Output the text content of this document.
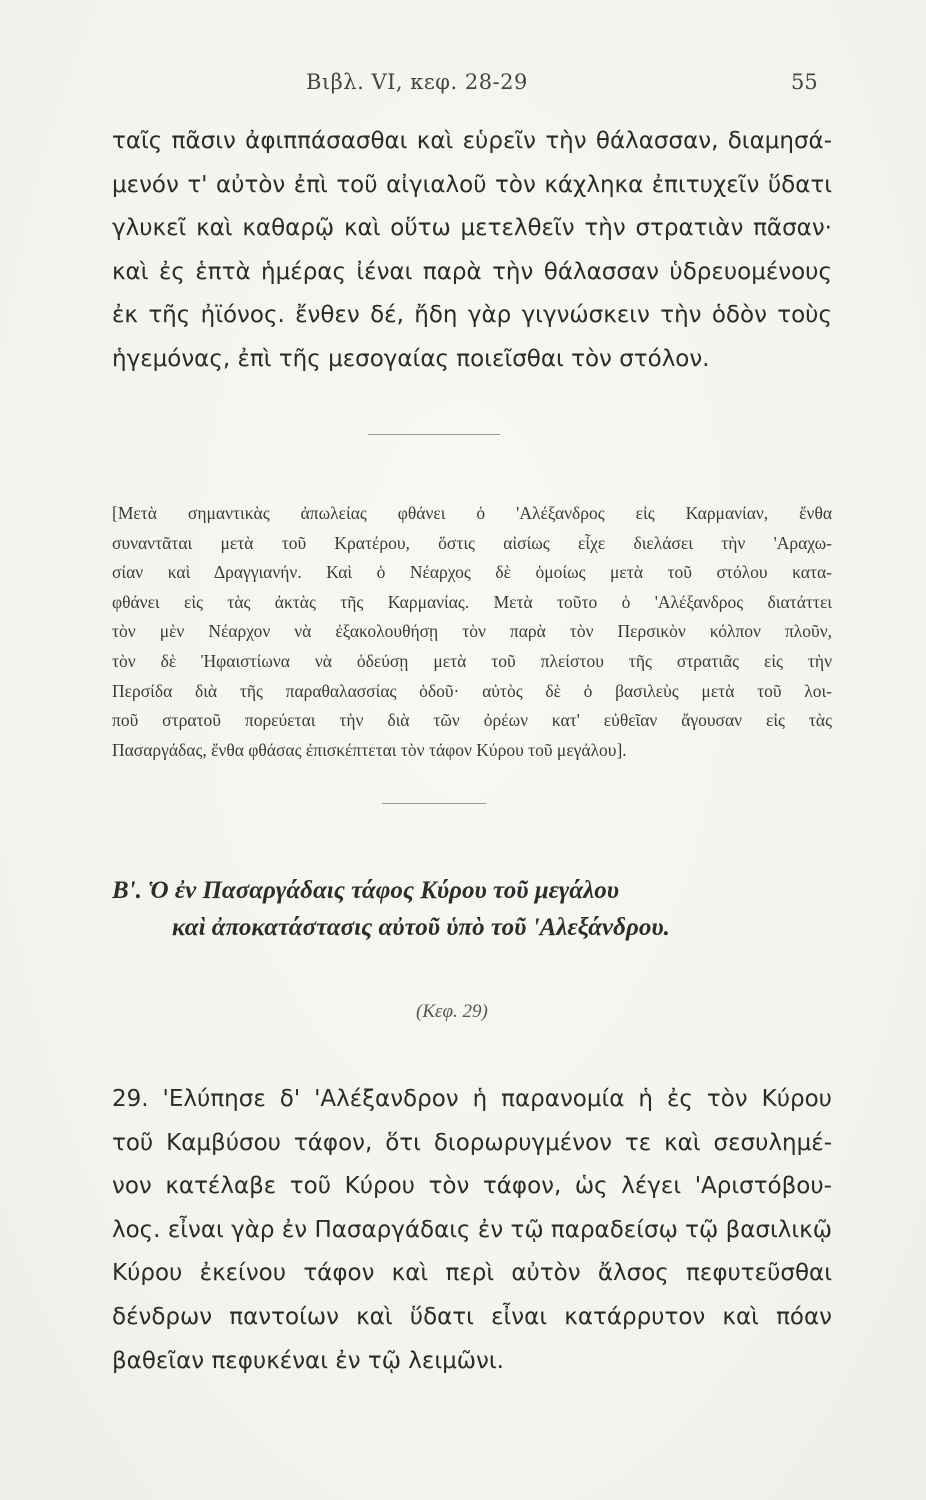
Βιβλ. VI, κεφ. 28-29	55
ταῖς πᾶσιν ἀφιππάσασθαι καὶ εὑρεῖν τὴν θάλασσαν, διαμησά-
μενόν τ' αὐτὸν ἐπὶ τοῦ αἰγιαλοῦ τὸν κάχληκα ἐπιτυχεῖν ὕδατι
γλυκεῖ καὶ καθαρῷ καὶ οὕτω μετελθεῖν τὴν στρατιὰν πᾶσαν·
καὶ ἐς ἑπτὰ ἡμέρας ἰέναι παρὰ τὴν θάλασσαν ὑδρευομένους
ἐκ τῆς ἠϊόνος. ἔνθεν δέ, ἤδη γὰρ γιγνώσκειν τὴν ὁδὸν τοὺς
ἡγεμόνας, ἐπὶ τῆς μεσογαίας ποιεῖσθαι τὸν στόλον.
[Μετὰ σημαντικὰς ἀπωλείας φθάνει ὁ 'Αλέξανδρος εἰς Καρμανίαν, ἔνθα
συναντᾶται μετὰ τοῦ Κρατέρου, ὅστις αἰσίως εἶχε διελάσει τὴν 'Αραχω-
σίαν καὶ Δραγγιανήν. Καὶ ὁ Νέαρχος δὲ ὁμοίως μετὰ τοῦ στόλου κατα-
φθάνει εἰς τὰς ἀκτὰς τῆς Καρμανίας. Μετὰ τοῦτο ὁ 'Αλέξανδρος διατάττει
τὸν μὲν Νέαρχον νὰ ἐξακολουθήσῃ τὸν παρὰ τὸν Περσικὸν κόλπον πλοῦν,
τὸν δὲ Ἡφαιστίωνα νὰ ὁδεύσῃ μετὰ τοῦ πλείστου τῆς στρατιᾶς εἰς τὴν
Περσίδα διὰ τῆς παραθαλασσίας ὁδοῦ· αὐτὸς δὲ ὁ βασιλεὺς μετὰ τοῦ λοι-
ποῦ στρατοῦ πορεύεται τὴν διὰ τῶν ὀρέων κατ' εὐθεῖαν ἄγουσαν εἰς τὰς
Πασαργάδας, ἔνθα φθάσας ἐπισκέπτεται τὸν τάφον Κύρου τοῦ μεγάλου].
Β'. Ὁ ἐν Πασαργάδαις τάφος Κύρου τοῦ μεγάλου
καὶ ἀποκατάστασις αὐτοῦ ὑπὸ τοῦ 'Αλεξάνδρου.
(Κεφ. 29)
29. 'Ελύπησε δ' 'Αλέξανδρον ἡ παρανομία ἡ ἐς τὸν Κύρου
τοῦ Καμβύσου τάφον, ὅτι διορωρυγμένον τε καὶ σεσυλημέ-
νον κατέλαβε τοῦ Κύρου τὸν τάφον, ὡς λέγει 'Αριστόβου-
λος. εἶναι γὰρ ἐν Πασαργάδαις ἐν τῷ παραδείσῳ τῷ βασιλικῷ
Κύρου ἐκείνου τάφον καὶ περὶ αὐτὸν ἄλσος πεφυτεῦσθαι
δένδρων παντοίων καὶ ὕδατι εἶναι κατάρρυτον καὶ πόαν
βαθεῖαν πεφυκέναι ἐν τῷ λειμῶνι.
